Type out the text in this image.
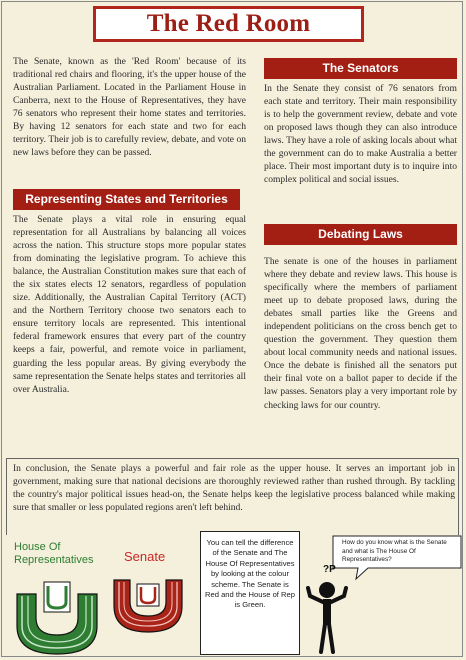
The Red Room

The Senate, known as the 'Red Room' because of its traditional red chairs and flooring, it's the upper house of the Australian Parliament. Located in the Parliament House in Canberra, next to the House of Representatives, they have 76 senators who represent their home states and territories. By having 12 senators for each state and two for each territory. Their job is to carefully review, debate, and vote on new laws before they can be passed.

Representing States and Territories

The Senate plays a vital role in ensuring equal representation for all Australians by balancing all voices across the nation. This structure stops more popular states from dominating the legislative program. To achieve this balance, the Australian Constitution makes sure that each of the six states elects 12 senators, regardless of population size. Additionally, the Australian Capital Territory (ACT) and the Northern Territory choose two senators each to ensure territory locals are represented. This intentional federal framework ensures that every part of the country keeps a fair, powerful, and remote voice in parliament, guarding the less popular areas. By giving everybody the same representation the Senate helps states and territories all over Australia.

The Senators

In the Senate they consist of 76 senators from each state and territory. Their main responsibility is to help the government review, debate and vote on proposed laws though they can also introduce laws. They have a role of asking locals about what the government can do to make Australia a better place. Their most important duty is to inquire into complex political and social issues.

Debating Laws

The senate is one of the houses in parliament where they debate and review laws. This house is specifically where the members of parliament meet up to debate proposed laws, during the debates small parties like the Greens and independent politicians on the cross bench get to question the government. They question them about local community needs and national issues. Once the debate is finished all the senators put their final vote on a ballot paper to decide if the law passes. Senators play a very important role by checking laws for our country.

In conclusion, the Senate plays a powerful and fair role as the upper house. It serves an important job in government, making sure that national decisions are thoroughly reviewed rather than rushed through. By tackling the country's major political issues head-on, the Senate helps keep the legislative process balanced while making sure that smaller or less populated regions aren't left behind.

House Of Representatives	Senate
You can tell the difference of the Senate and The House Of Representatives by looking at the colour scheme. The Senate is Red and the House of Rep is Green.
How do you know what is the Senate and what is The House Of Representatives?
?P
